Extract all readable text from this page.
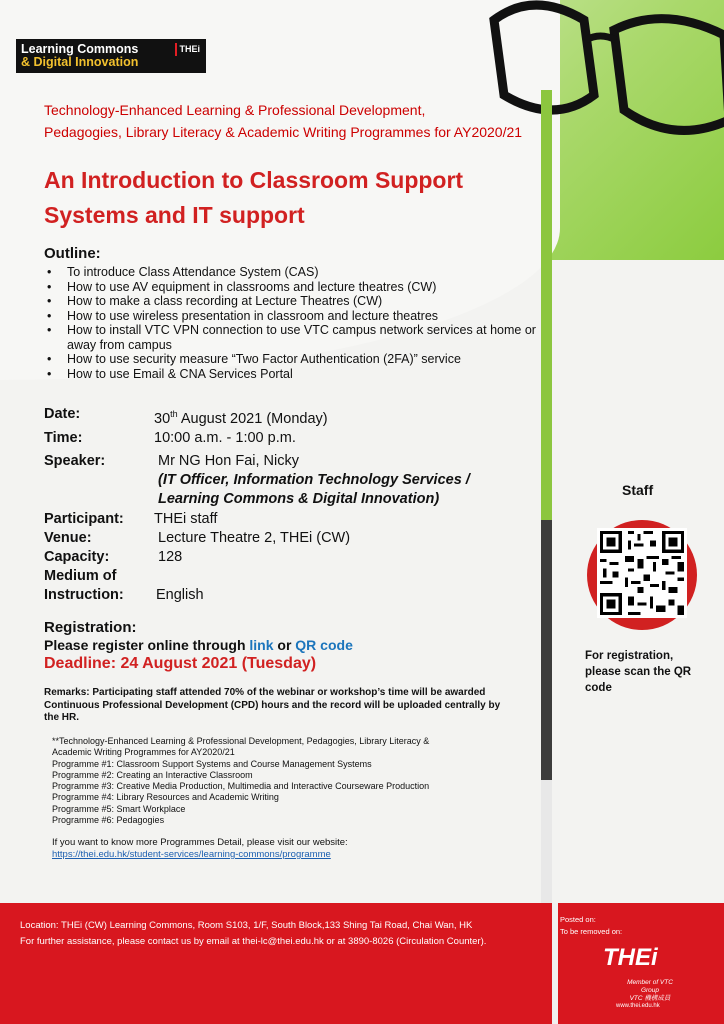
Learning Commons
& Digital Innovation
THEi
Technology-Enhanced Learning & Professional Development,
Pedagogies, Library Literacy & Academic Writing Programmes for AY2020/21
An Introduction to Classroom Support
Systems and IT support
Outline:
• To introduce Class Attendance System (CAS)
• How to use AV equipment in classrooms and lecture theatres (CW)
• How to make a class recording at Lecture Theatres (CW)
• How to use wireless presentation in classroom and lecture theatres
• How to install VTC VPN connection to use VTC campus network services at home or away from campus
• How to use security measure “Two Factor Authentication (2FA)” service
• How to use Email & CNA Services Portal
Date:	30th August 2021 (Monday)
Time:	10:00 a.m. - 1:00 p.m.
Speaker:	Mr NG Hon Fai, Nicky
(IT Officer, Information Technology Services /
Learning Commons & Digital Innovation)
Participant:	THEi staff
Venue:	Lecture Theatre 2, THEi (CW)
Capacity:	128
Medium of
Instruction:	English
Registration:
Please register online through link or QR code
Deadline: 24 August 2021 (Tuesday)
Remarks: Participating staff attended 70% of the webinar or workshop’s time will be awarded Continuous Professional Development (CPD) hours and the record will be uploaded centrally by the HR.
**Technology-Enhanced Learning & Professional Development, Pedagogies, Library Literacy &
Academic Writing Programmes for AY2020/21
Programme #1: Classroom Support Systems and Course Management Systems
Programme #2: Creating an Interactive Classroom
Programme #3: Creative Media Production, Multimedia and Interactive Courseware Production
Programme #4: Library Resources and Academic Writing
Programme #5: Smart Workplace
Programme #6: Pedagogies
If you want to know more Programmes Detail, please visit our website:
https://thei.edu.hk/student-services/learning-commons/programme
Staff
For registration, please scan the QR code
Location: THEi (CW) Learning Commons, Room S103, 1/F, South Block,133 Shing Tai Road, Chai Wan, HK
For further assistance, please contact us by email at thei-lc@thei.edu.hk or at 3890-8026 (Circulation Counter).
Posted on:
To be removed on:
THEi
Member of VTC Group
VTC 機構成員
www.thei.edu.hk
